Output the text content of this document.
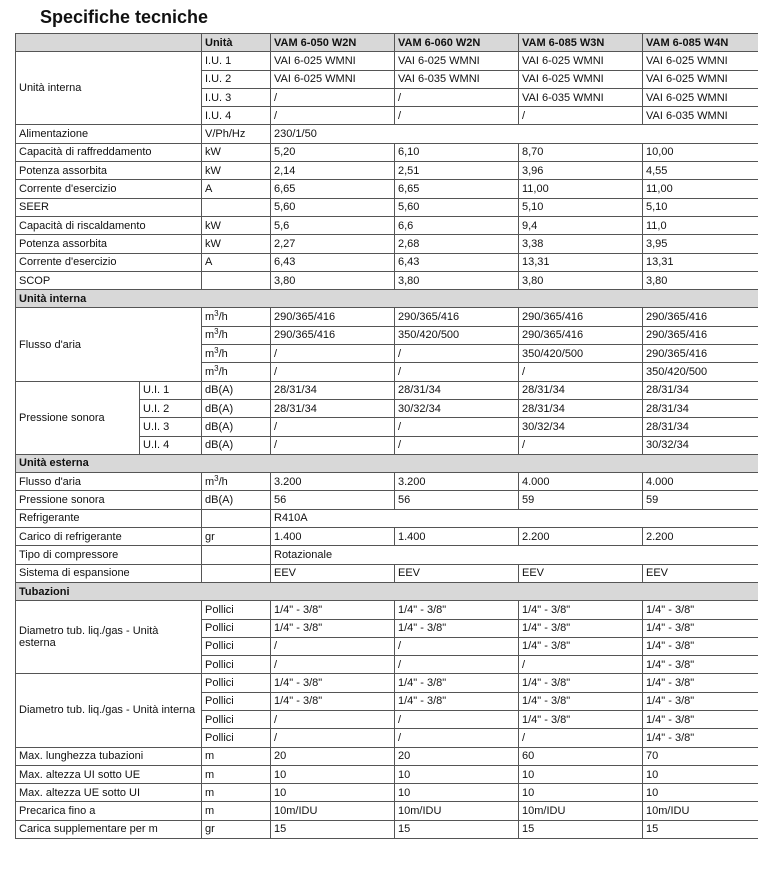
Specifiche tecniche
		Unità	VAM 6-050 W2N	VAM 6-060 W2N	VAM 6-085 W3N	VAM 6-085 W4N
Unità interna		I.U. 1	VAI 6-025 WMNI	VAI 6-025 WMNI	VAI 6-025 WMNI	VAI 6-025 WMNI
		I.U. 2	VAI 6-025 WMNI	VAI 6-035 WMNI	VAI 6-025 WMNI	VAI 6-025 WMNI
		I.U. 3	/	/	VAI 6-035 WMNI	VAI 6-025 WMNI
		I.U. 4	/	/	/	VAI 6-035 WMNI
Alimentazione		V/Ph/Hz	230/1/50			
Capacità di raffreddamento		kW	5,20	6,10	8,70	10,00
Potenza assorbita		kW	2,14	2,51	3,96	4,55
Corrente d'esercizio		A	6,65	6,65	11,00	11,00
SEER			5,60	5,60	5,10	5,10
Capacità di riscaldamento		kW	5,6	6,6	9,4	11,0
Potenza assorbita		kW	2,27	2,68	3,38	3,95
Corrente d'esercizio		A	6,43	6,43	13,31	13,31
SCOP			3,80	3,80	3,80	3,80
Unità interna						
Flusso d'aria		$m^3/h$	290/365/416	290/365/416	290/365/416	290/365/416
		$m^3/h$	290/365/416	350/420/500	290/365/416	290/365/416
		$m^3/h$	/	/	350/420/500	290/365/416
		$m^3/h$	/	/	/	350/420/500
Pressione sonora	U.I. 1	dB(A)	28/31/34	28/31/34	28/31/34	28/31/34
	U.I. 2	dB(A)	28/31/34	30/32/34	28/31/34	28/31/34
	U.I. 3	dB(A)	/	/	30/32/34	28/31/34
	U.I. 4	dB(A)	/	/	/	30/32/34
Unità esterna						
Flusso d'aria		$m^3/h$	3.200	3.200	4.000	4.000
Pressione sonora		dB(A)	56	56	59	59
Refrigerante			R410A			
Carico di refrigerante		gr	1.400	1.400	2.200	2.200
Tipo di compressore			Rotazionale			
Sistema di espansione			EEV	EEV	EEV	EEV
Tubazioni						
Diametro tub. liq./gas - Unità esterna		Pollici	1/4" - 3/8"	1/4" - 3/8"	1/4" - 3/8"	1/4" - 3/8"
		Pollici	1/4" - 3/8"	1/4" - 3/8"	1/4" - 3/8"	1/4" - 3/8"
		Pollici	/	/	1/4" - 3/8"	1/4" - 3/8"
		Pollici	/	/	/	1/4" - 3/8"
Diametro tub. liq./gas - Unità interna		Pollici	1/4" - 3/8"	1/4" - 3/8"	1/4" - 3/8"	1/4" - 3/8"
		Pollici	1/4" - 3/8"	1/4" - 3/8"	1/4" - 3/8"	1/4" - 3/8"
		Pollici	/	/	1/4" - 3/8"	1/4" - 3/8"
		Pollici	/	/	/	1/4" - 3/8"
Max. lunghezza tubazioni		m	20	20	60	70
Max. altezza UI sotto UE		m	10	10	10	10
Max. altezza UE sotto UI		m	10	10	10	10
Precarica fino a		m	10m/IDU	10m/IDU	10m/IDU	10m/IDU
Carica supplementare per m		gr	15	15	15	15
